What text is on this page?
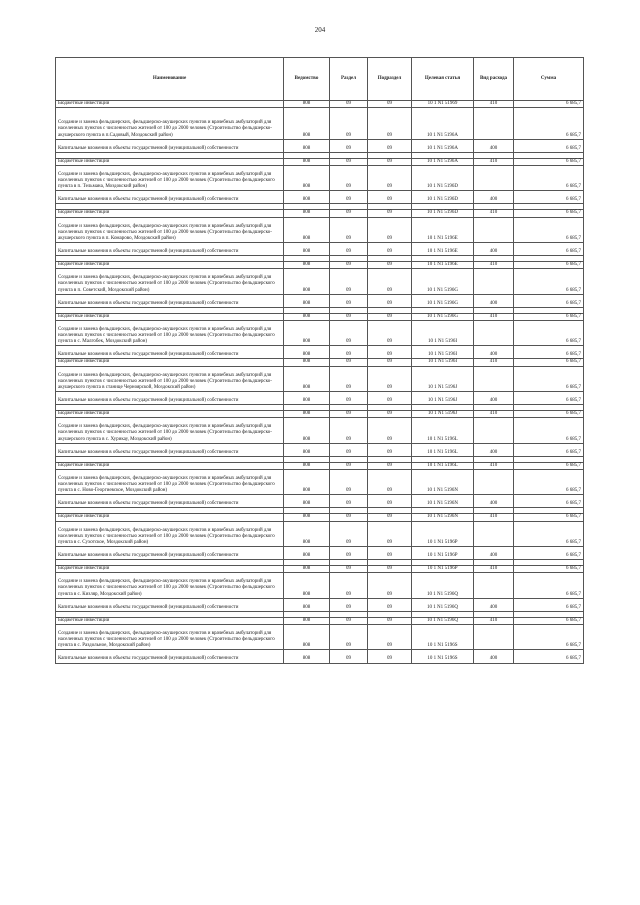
204
Наименование	Ведомство	Раздел	Подраздел	Целевая статья	Вид расхода	Сумма
Бюджетные инвестиции	808	09	09	10 1 N1 51969	410	6 685,7
Создание и замена фельдшерских, фельдшерско-акушерских пунктов и врачебных амбулаторий для населенных пунктов с численностью жителей от 100 до 2000 человек (Строительство фельдшерско-акушерского пункта в п.Садовый, Моздокский район)	808	09	09	10 1 N1 5196A		6 685,7
Капитальные вложения в объекты государственной (муниципальной) собственности	808	09	09	10 1 N1 5196A	400	6 685,7

Бюджетные инвестиции	808	09	09	10 1 N1 5196A	410	6 685,7
Создание и замена фельдшерских, фельдшерско-акушерских пунктов и врачебных амбулаторий для населенных пунктов с численностью жителей от 100 до 2000 человек (Строительство фельдшерского пункта в п. Тельмана, Моздокский район)	808	09	09	10 1 N1 5196D		6 685,7
Капитальные вложения в объекты государственной (муниципальной) собственности	808	09	09	10 1 N1 5196D	400	6 685,7

Бюджетные инвестиции	808	09	09	10 1 N1 5196D	410	6 685,7
Создание и замена фельдшерских, фельдшерско-акушерских пунктов и врачебных амбулаторий для населенных пунктов с численностью жителей от 100 до 2000 человек (Строительство фельдшерско-акушерского пункта в п. Комарово, Моздокский район)	808	09	09	10 1 N1 5196E		6 685,7
Капитальные вложения в объекты государственной (муниципальной) собственности	808	09	09	10 1 N1 5196E	400	6 685,7

Бюджетные инвестиции	808	09	09	10 1 N1 5196E	410	6 685,7
Создание и замена фельдшерских, фельдшерско-акушерских пунктов и врачебных амбулаторий для населенных пунктов с численностью жителей от 100 до 2000 человек (Строительство фельдшерского пункта в п. Советский, Моздокский район)	808	09	09	10 1 N1 5196G		6 685,7
Капитальные вложения в объекты государственной (муниципальной) собственности	808	09	09	10 1 N1 5196G	400	6 685,7

Бюджетные инвестиции	808	09	09	10 1 N1 5196G	410	6 685,7
Создание и замена фельдшерских, фельдшерско-акушерских пунктов и врачебных амбулаторий для населенных пунктов с численностью жителей от 100 до 2000 человек (Строительство фельдшерского пункта в с. Малгобек, Моздокский район)	808	09	09	10 1 N1 5196I		6 685,7
Капитальные вложения в объекты государственной (муниципальной) собственности	808	09	09	10 1 N1 5196I	400	6 685,7
Бюджетные инвестиции	808	09	09	10 1 N1 5196I	410	6 685,7
Создание и замена фельдшерских, фельдшерско-акушерских пунктов и врачебных амбулаторий для населенных пунктов с численностью жителей от 100 до 2000 человек (Строительство фельдшерско-акушерского пункта в станице Черноярской, Моздокский район)	808	09	09	10 1 N1 5196J		6 685,7
Капитальные вложения в объекты государственной (муниципальной) собственности	808	09	09	10 1 N1 5196J	400	6 685,7

Бюджетные инвестиции	808	09	09	10 1 N1 5196J	410	6 685,7
Создание и замена фельдшерских, фельдшерско-акушерских пунктов и врачебных амбулаторий для населенных пунктов с численностью жителей от 100 до 2000 человек (Строительство фельдшерско-акушерского пункта в с. Хурикау, Моздокский район)	808	09	09	10 1 N1 5196L		6 685,7
Капитальные вложения в объекты государственной (муниципальной) собственности	808	09	09	10 1 N1 5196L	400	6 685,7

Бюджетные инвестиции	808	09	09	10 1 N1 5196L	410	6 685,7
Создание и замена фельдшерских, фельдшерско-акушерских пунктов и врачебных амбулаторий для населенных пунктов с численностью жителей от 100 до 2000 человек (Строительство фельдшерского пункта в с. Ново-Георгиевское, Моздокский район)	808	09	09	10 1 N1 5196N		6 685,7
Капитальные вложения в объекты государственной (муниципальной) собственности	808	09	09	10 1 N1 5196N	400	6 685,7

Бюджетные инвестиции	808	09	09	10 1 N1 5196N	410	6 685,7
Создание и замена фельдшерских, фельдшерско-акушерских пунктов и врачебных амбулаторий для населенных пунктов с численностью жителей от 100 до 2000 человек (Строительство фельдшерского пункта в с. Сухотское, Моздокский район)	808	09	09	10 1 N1 5196P		6 685,7
Капитальные вложения в объекты государственной (муниципальной) собственности	808	09	09	10 1 N1 5196P	400	6 685,7

Бюджетные инвестиции	808	09	09	10 1 N1 5196P	410	6 685,7
Создание и замена фельдшерских, фельдшерско-акушерских пунктов и врачебных амбулаторий для населенных пунктов с численностью жителей от 100 до 2000 человек (Строительство фельдшерского пункта в с. Кизляр, Моздокский район)	808	09	09	10 1 N1 5196Q		6 685,7
Капитальные вложения в объекты государственной (муниципальной) собственности	808	09	09	10 1 N1 5196Q	400	6 685,7

Бюджетные инвестиции	808	09	09	10 1 N1 5196Q	410	6 685,7
Создание и замена фельдшерских, фельдшерско-акушерских пунктов и врачебных амбулаторий для населенных пунктов с численностью жителей от 100 до 2000 человек (Строительство фельдшерского пункта в с. Раздольное, Моздокский район)	808	09	09	10 1 N1 5196S		6 685,7
Капитальные вложения в объекты государственной (муниципальной) собственности	808	09	09	10 1 N1 5196S	400	6 685,7
